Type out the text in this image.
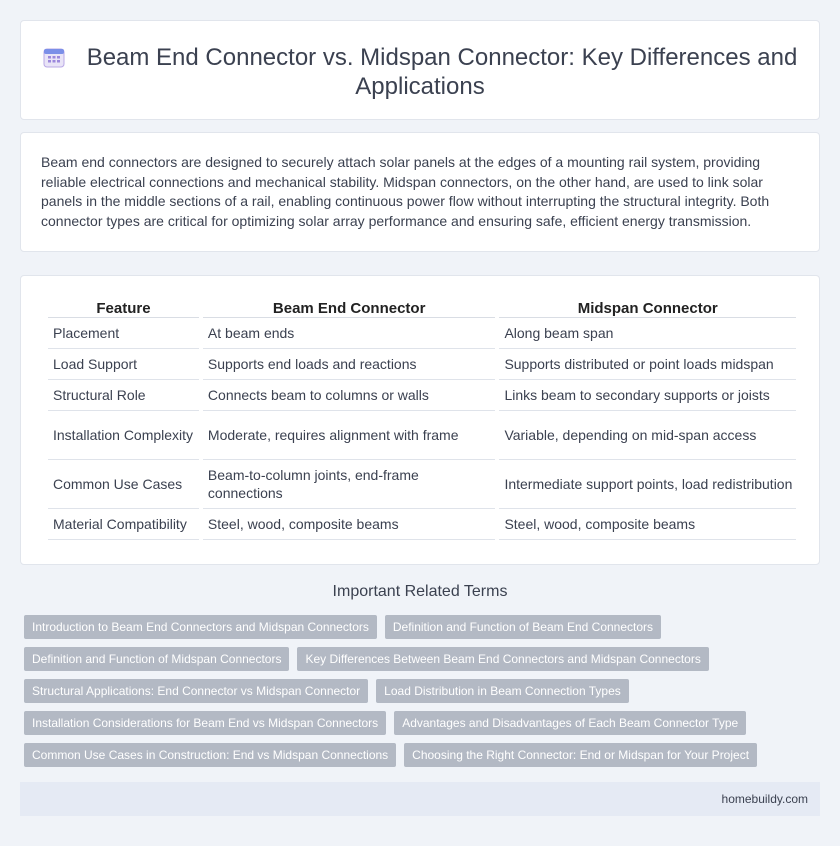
Beam End Connector vs. Midspan Connector: Key Differences and Applications

Beam end connectors are designed to securely attach solar panels at the edges of a mounting rail system, providing reliable electrical connections and mechanical stability. Midspan connectors, on the other hand, are used to link solar panels in the middle sections of a rail, enabling continuous power flow without interrupting the structural integrity. Both connector types are critical for optimizing solar array performance and ensuring safe, efficient energy transmission.

Feature	Beam End Connector	Midspan Connector
Placement	At beam ends	Along beam span
Load Support	Supports end loads and reactions	Supports distributed or point loads midspan
Structural Role	Connects beam to columns or walls	Links beam to secondary supports or joists
Installation Complexity	Moderate, requires alignment with frame	Variable, depending on mid-span access
Common Use Cases	Beam-to-column joints, end-frame connections	Intermediate support points, load redistribution
Material Compatibility	Steel, wood, composite beams	Steel, wood, composite beams
Important Related Terms
Introduction to Beam End Connectors and Midspan Connectors	Definition and Function of Beam End Connectors
Definition and Function of Midspan Connectors	Key Differences Between Beam End Connectors and Midspan Connectors
Structural Applications: End Connector vs Midspan Connector	Load Distribution in Beam Connection Types
Installation Considerations for Beam End vs Midspan Connectors	Advantages and Disadvantages of Each Beam Connector Type
Common Use Cases in Construction: End vs Midspan Connections	Choosing the Right Connector: End or Midspan for Your Project
homebuildy.com
